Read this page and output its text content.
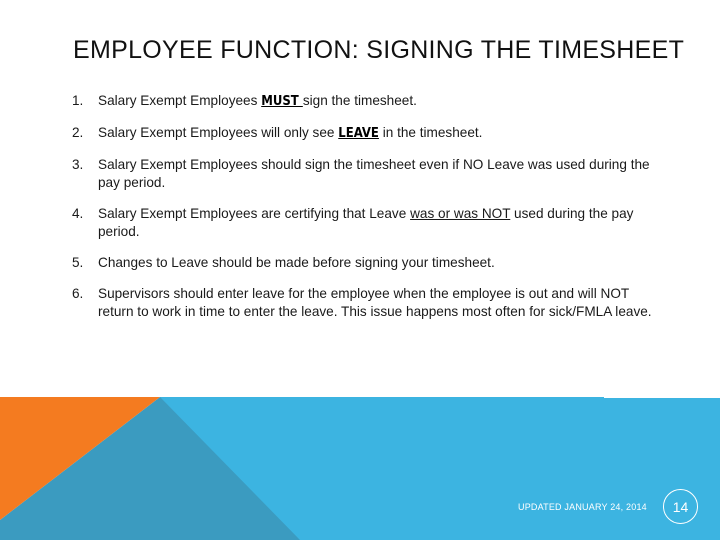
EMPLOYEE FUNCTION: SIGNING THE TIMESHEET
1. Salary Exempt Employees MUST sign the timesheet.
2. Salary Exempt Employees will only see LEAVE in the timesheet.
3. Salary Exempt Employees should sign the timesheet even if NO Leave was used during the pay period.
4. Salary Exempt Employees are certifying that Leave was or was NOT used during the pay period.
5. Changes to Leave should be made before signing your timesheet.
6. Supervisors should enter leave for the employee when the employee is out and will NOT return to work in time to enter the leave. This issue happens most often for sick/FMLA leave.
UPDATED JANUARY 24, 2014	14
